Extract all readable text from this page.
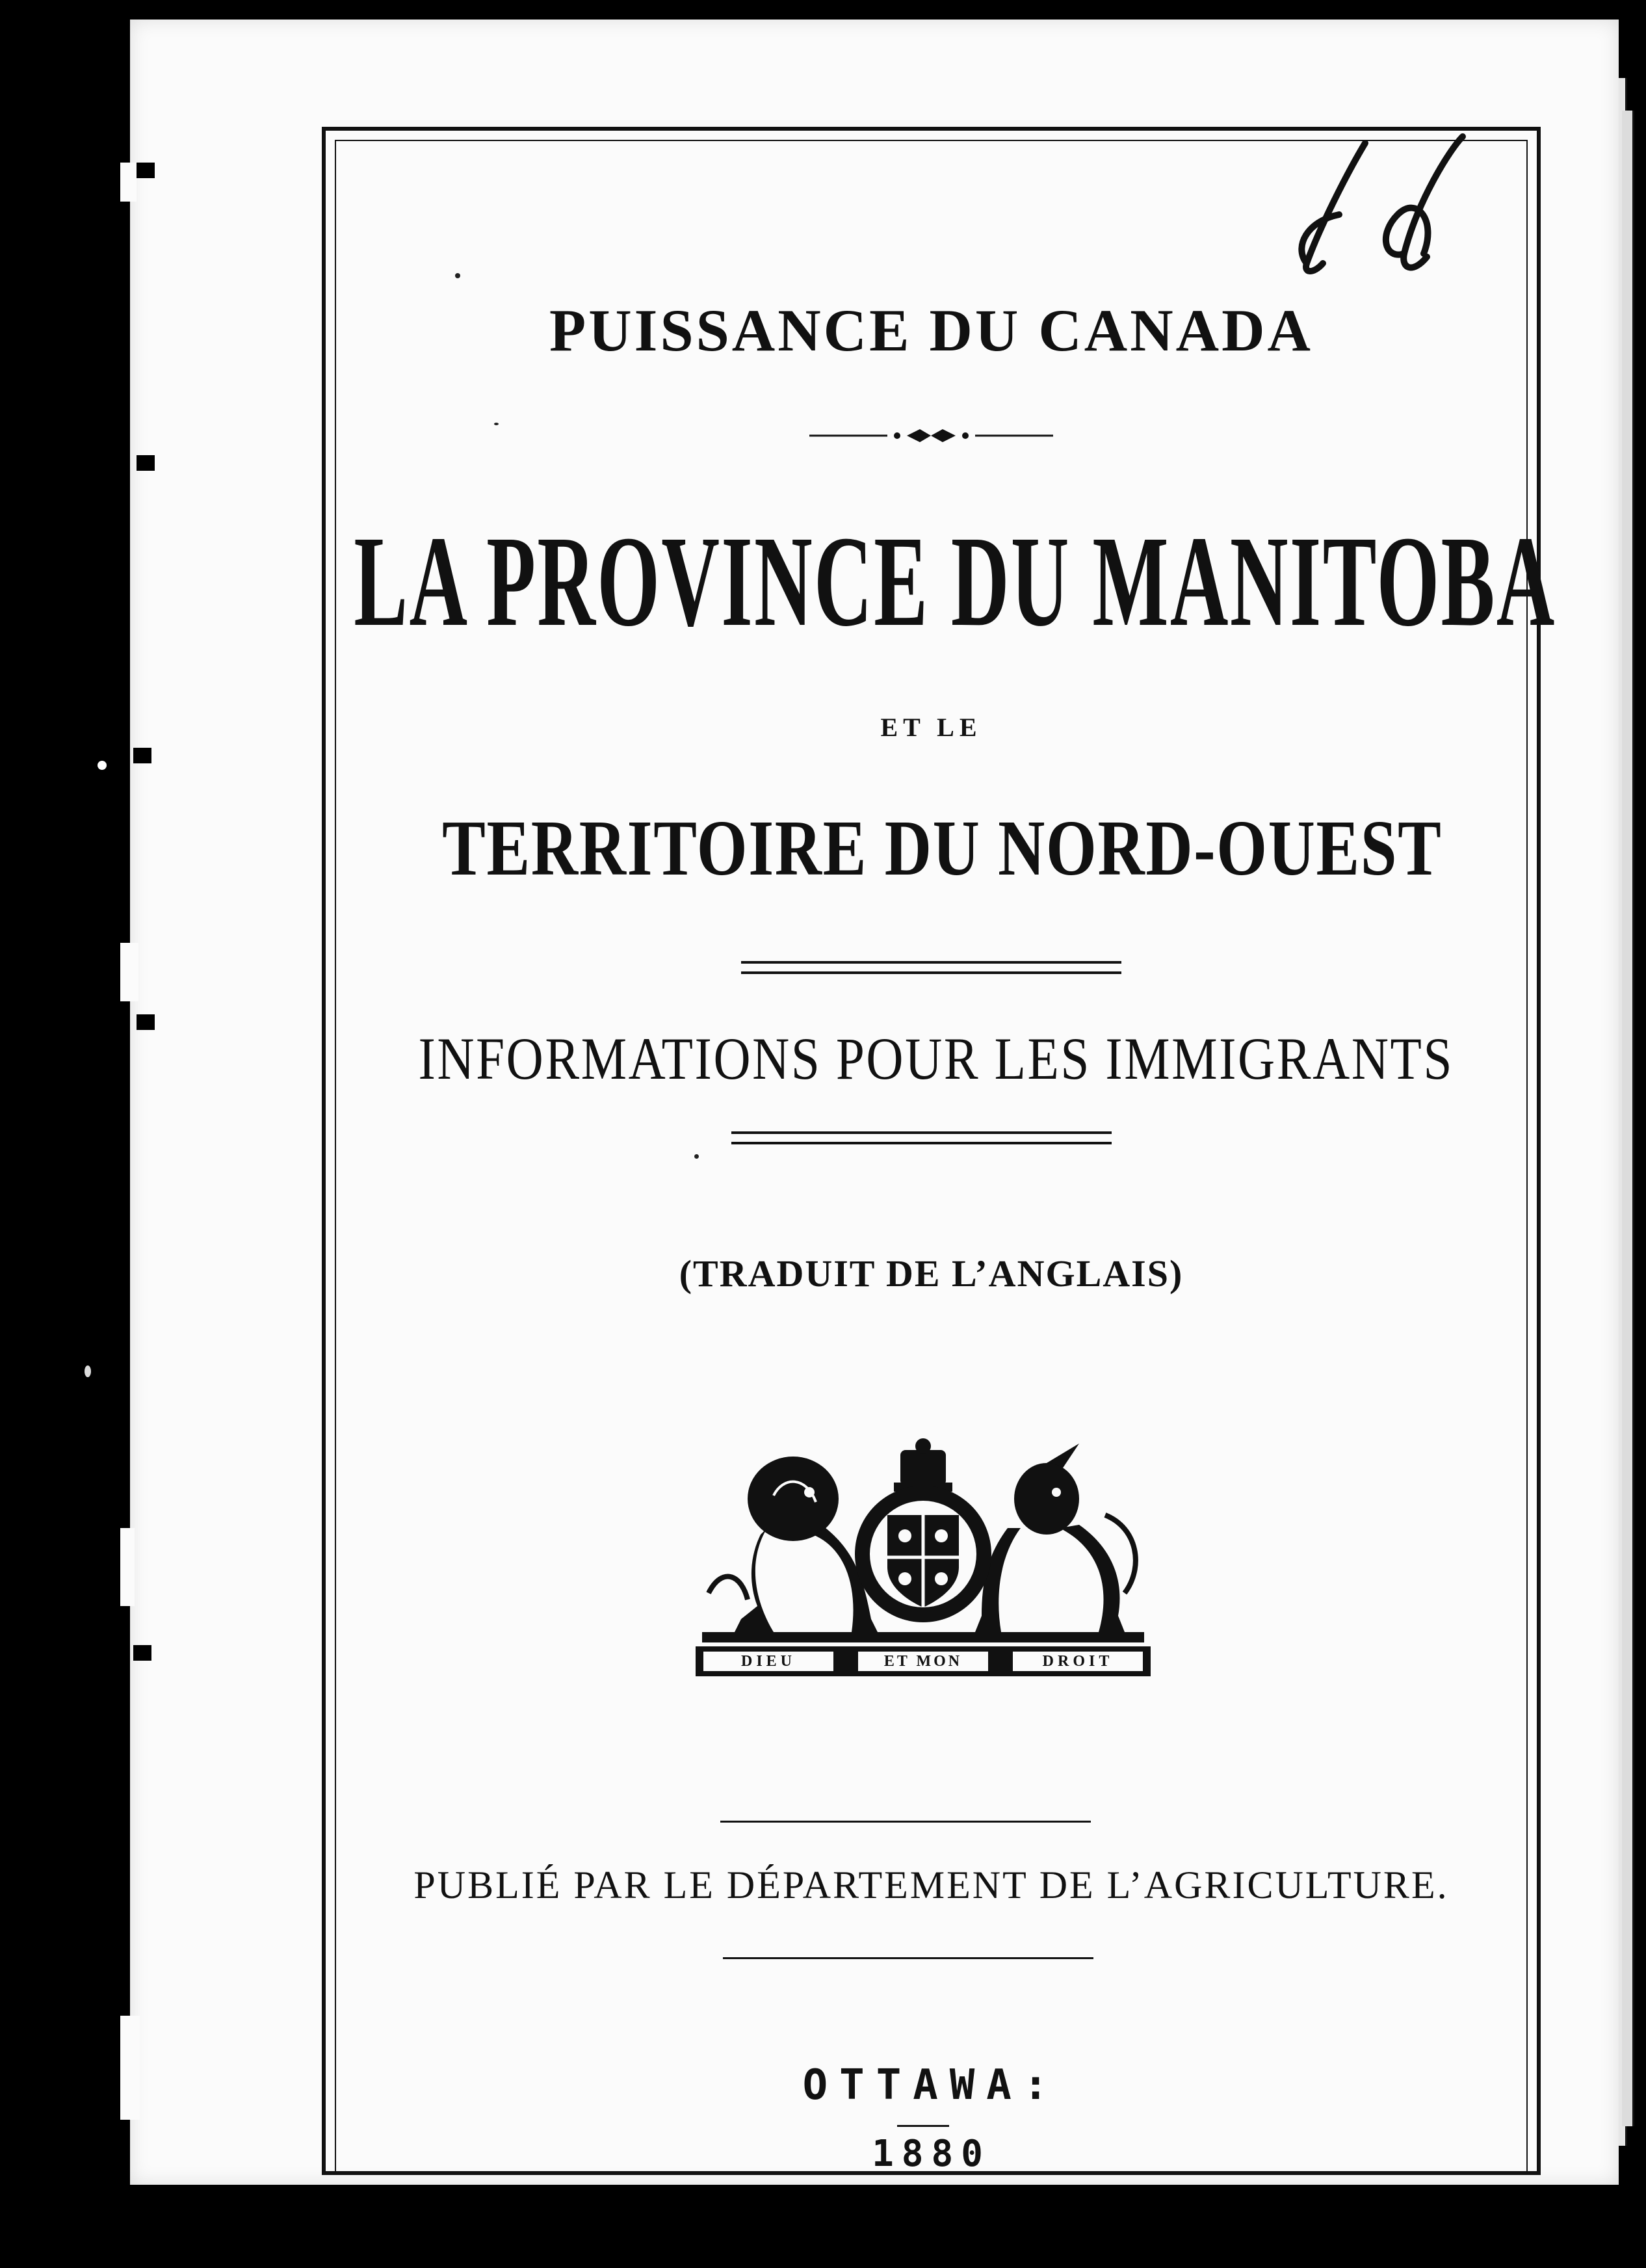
PUISSANCE DU CANADA
LA PROVINCE DU MANITOBA
ET LE
TERRITOIRE DU NORD-OUEST
INFORMATIONS POUR LES IMMIGRANTS
(TRADUIT DE L’ANGLAIS)
DIEU	ET MON	DROIT
PUBLIÉ PAR LE DÉPARTEMENT DE L’AGRICULTURE.
OTTAWA:
1880
